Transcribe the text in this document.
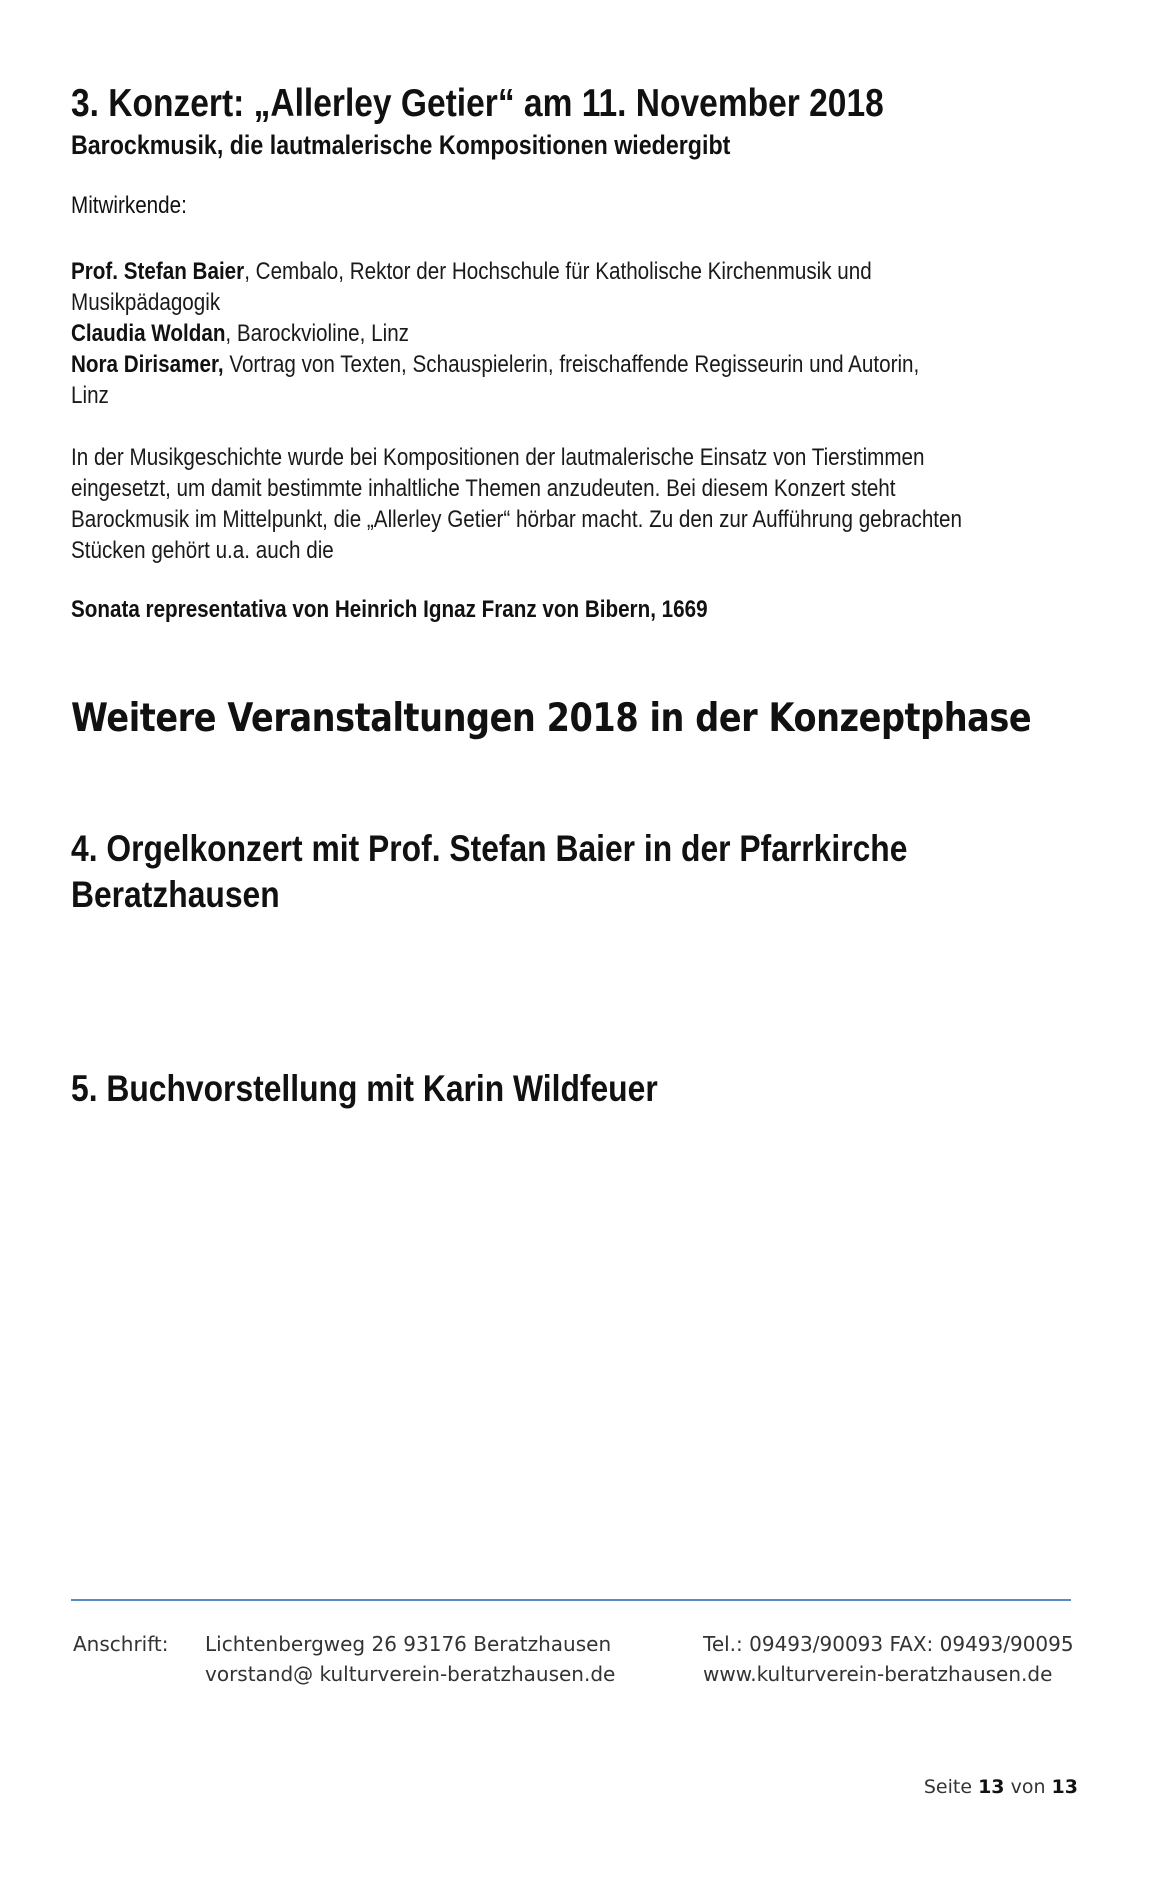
3. Konzert: „Allerley Getier“ am 11. November 2018
Barockmusik, die lautmalerische Kompositionen wiedergibt
Mitwirkende:
Prof. Stefan Baier, Cembalo, Rektor der Hochschule für Katholische Kirchenmusik und
Musikpädagogik
Claudia Woldan, Barockvioline, Linz
Nora Dirisamer, Vortrag von Texten, Schauspielerin, freischaffende Regisseurin und Autorin,
Linz
In der Musikgeschichte wurde bei Kompositionen der lautmalerische Einsatz von Tierstimmen
eingesetzt, um damit bestimmte inhaltliche Themen anzudeuten. Bei diesem Konzert steht
Barockmusik im Mittelpunkt, die „Allerley Getier“ hörbar macht. Zu den zur Aufführung gebrachten
Stücken gehört u.a. auch die
Sonata representativa von Heinrich Ignaz Franz von Bibern, 1669
Weitere Veranstaltungen 2018 in der Konzeptphase
4. Orgelkonzert mit Prof. Stefan Baier in der Pfarrkirche
Beratzhausen
5. Buchvorstellung mit Karin Wildfeuer
Anschrift: Lichtenbergweg 26 93176 Beratzhausen
vorstand@ kulturverein-beratzhausen.de
Tel.: 09493/90093 FAX: 09493/90095
www.kulturverein-beratzhausen.de
Seite 13 von 13
